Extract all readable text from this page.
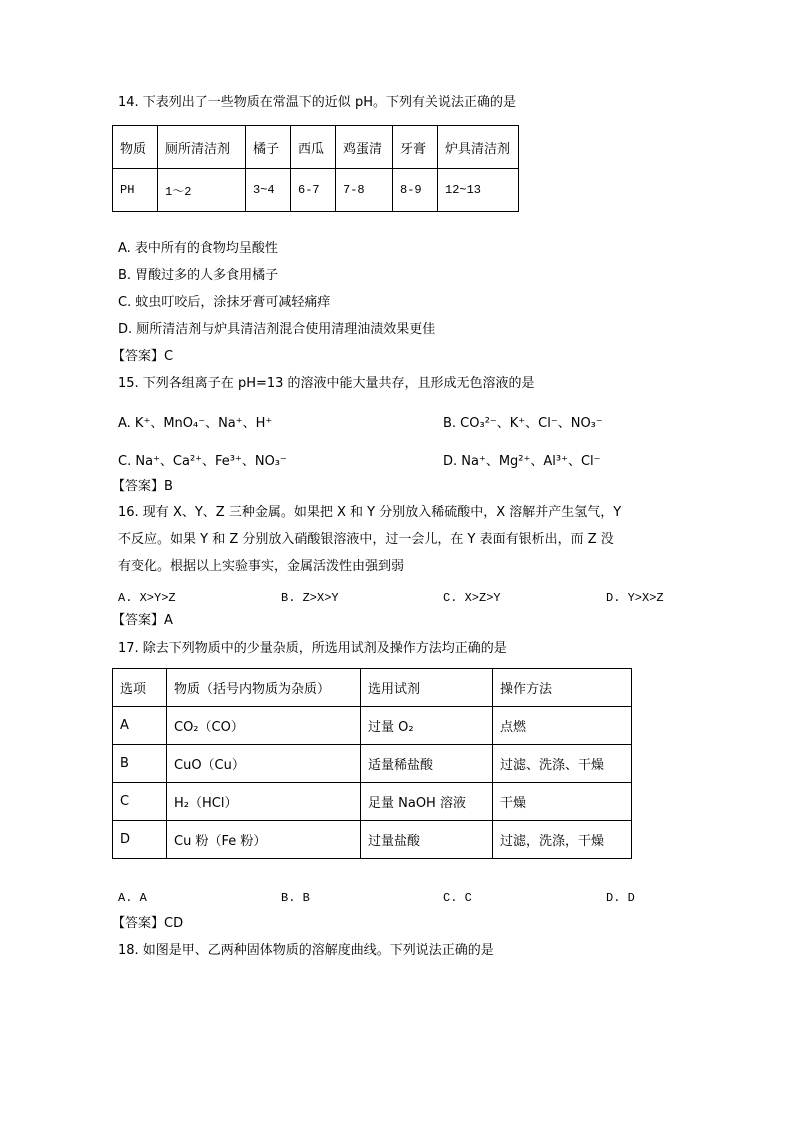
14. 下表列出了一些物质在常温下的近似 pH。下列有关说法正确的是
物质	厕所清洁剂	橘子	西瓜	鸡蛋清	牙膏	炉具清洁剂
PH	1～2	3~4	6-7	7-8	8-9	12~13
A. 表中所有的食物均呈酸性
B. 胃酸过多的人多食用橘子
C. 蚊虫叮咬后，涂抹牙膏可减轻痛痒
D. 厕所清洁剂与炉具清洁剂混合使用清理油渍效果更佳
【答案】C
15. 下列各组离子在 pH=13 的溶液中能大量共存，且形成无色溶液的是
A. K⁺、MnO₄⁻、Na⁺、H⁺	B. CO₃²⁻、K⁺、Cl⁻、NO₃⁻
C. Na⁺、Ca²⁺、Fe³⁺、NO₃⁻	D. Na⁺、Mg²⁺、Al³⁺、Cl⁻
【答案】B
16. 现有 X、Y、Z 三种金属。如果把 X 和 Y 分别放入稀硫酸中，X 溶解并产生氢气，Y
不反应。如果 Y 和 Z 分别放入硝酸银溶液中，过一会儿，在 Y 表面有银析出，而 Z 没
有变化。根据以上实验事实，金属活泼性由强到弱
A. X>Y>Z	B. Z>X>Y	C. X>Z>Y	D. Y>X>Z
【答案】A
17. 除去下列物质中的少量杂质，所选用试剂及操作方法均正确的是
选项	物质（括号内物质为杂质）	选用试剂	操作方法
A	CO₂（CO）	过量 O₂	点燃
B	CuO（Cu）	适量稀盐酸	过滤、洗涤、干燥
C	H₂（HCl）	足量 NaOH 溶液	干燥
D	Cu 粉（Fe 粉）	过量盐酸	过滤，洗涤，干燥
A. A	B. B	C. C	D. D
【答案】CD
18. 如图是甲、乙两种固体物质的溶解度曲线。下列说法正确的是
